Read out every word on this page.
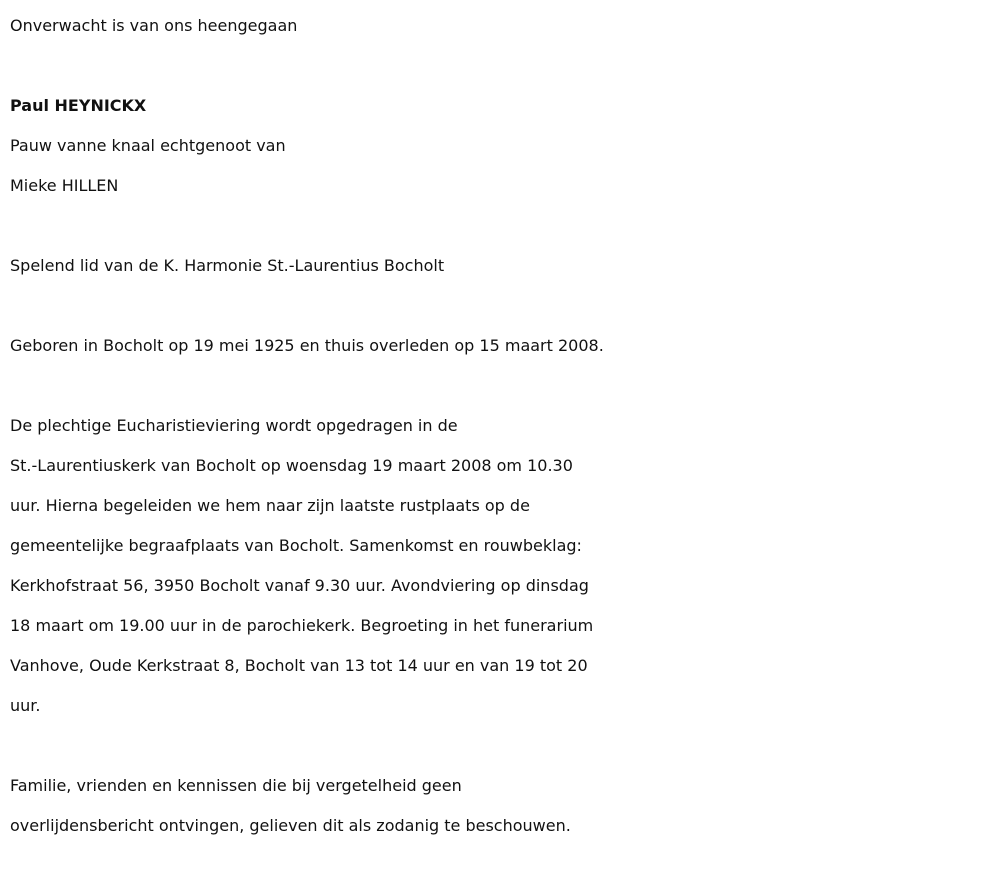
Onverwacht is van ons heengegaan

Paul HEYNICKX

Pauw vanne knaal echtgenoot van

Mieke HILLEN

Spelend lid van de K. Harmonie St.-Laurentius Bocholt

Geboren in Bocholt op 19 mei 1925 en thuis overleden op 15 maart 2008.

De plechtige Eucharistieviering wordt opgedragen in de

St.-Laurentiuskerk van Bocholt op woensdag 19 maart 2008 om 10.30

uur. Hierna begeleiden we hem naar zijn laatste rustplaats op de

gemeentelijke begraafplaats van Bocholt. Samenkomst en rouwbeklag:

Kerkhofstraat 56, 3950 Bocholt vanaf 9.30 uur. Avondviering op dinsdag

18 maart om 19.00 uur in de parochiekerk. Begroeting in het funerarium

Vanhove, Oude Kerkstraat 8, Bocholt van 13 tot 14 uur en van 19 tot 20

uur.

Familie, vrienden en kennissen die bij vergetelheid geen

overlijdensbericht ontvingen, gelieven dit als zodanig te beschouwen.
